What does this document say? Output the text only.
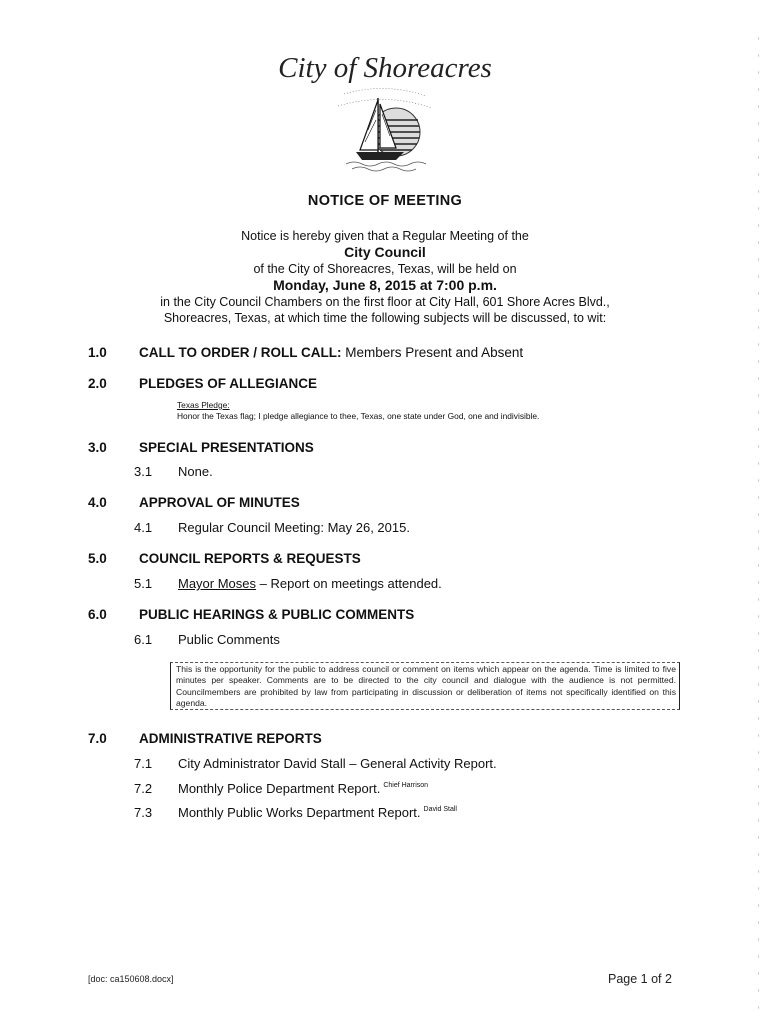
City of Shoreacres
NOTICE OF MEETING
Notice is hereby given that a Regular Meeting of the
City Council
of the City of Shoreacres, Texas, will be held on
Monday, June 8, 2015 at 7:00 p.m.
in the City Council Chambers on the first floor at City Hall, 601 Shore Acres Blvd.,
Shoreacres, Texas, at which time the following subjects will be discussed, to wit:
1.0 CALL TO ORDER / ROLL CALL: Members Present and Absent
2.0 PLEDGES OF ALLEGIANCE
Texas Pledge:
Honor the Texas flag; I pledge allegiance to thee, Texas, one state under God, one and indivisible.
3.0 SPECIAL PRESENTATIONS
3.1 None.
4.0 APPROVAL OF MINUTES
4.1 Regular Council Meeting: May 26, 2015.
5.0 COUNCIL REPORTS & REQUESTS
5.1 Mayor Moses – Report on meetings attended.
6.0 PUBLIC HEARINGS & PUBLIC COMMENTS
6.1 Public Comments
This is the opportunity for the public to address council or comment on items which appear on the agenda. Time is limited to five minutes per speaker. Comments are to be directed to the city council and dialogue with the audience is not permitted. Councilmembers are prohibited by law from participating in discussion or deliberation of items not specifically identified on this agenda.
7.0 ADMINISTRATIVE REPORTS
7.1 City Administrator David Stall – General Activity Report.
7.2 Monthly Police Department Report. $^{Chief Harrison}$
7.3 Monthly Public Works Department Report. $^{David Stall}$
[doc: ca150608.docx]	Page 1 of 2
